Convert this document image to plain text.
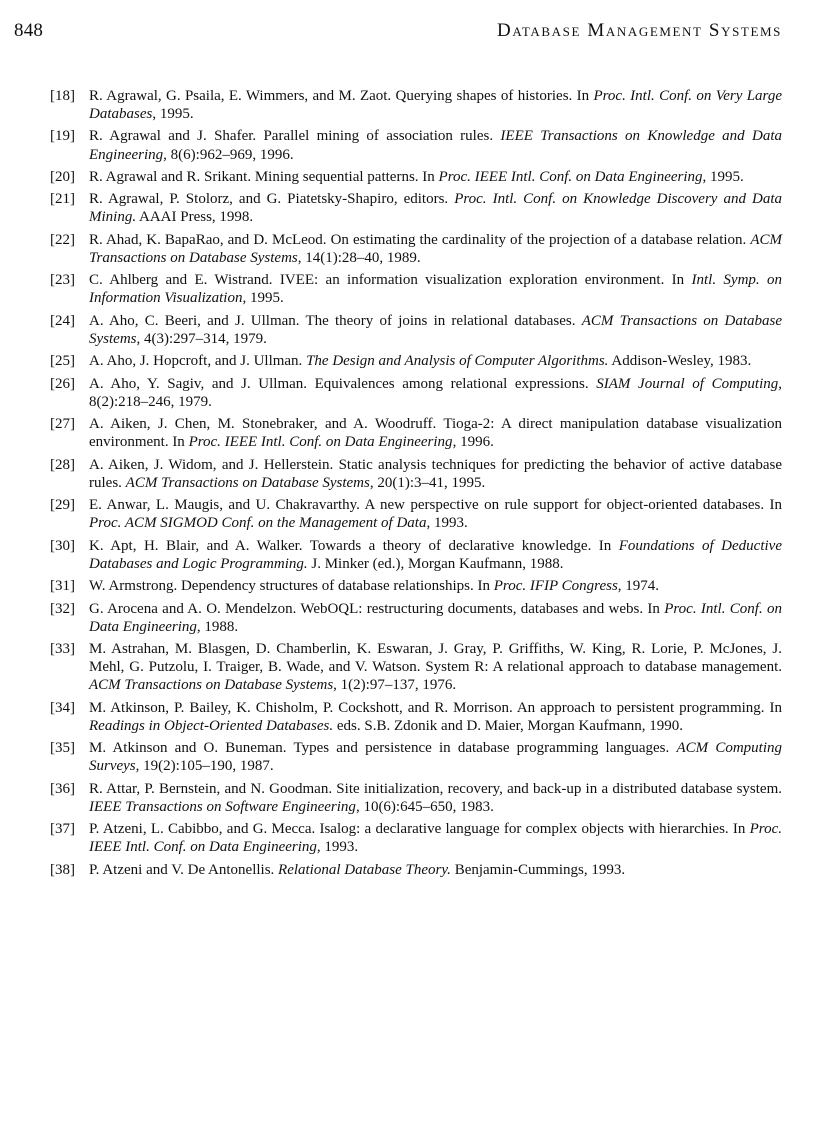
848	Database Management Systems
[18] R. Agrawal, G. Psaila, E. Wimmers, and M. Zaot. Querying shapes of histories. In Proc. Intl. Conf. on Very Large Databases, 1995.
[19] R. Agrawal and J. Shafer. Parallel mining of association rules. IEEE Transactions on Knowledge and Data Engineering, 8(6):962–969, 1996.
[20] R. Agrawal and R. Srikant. Mining sequential patterns. In Proc. IEEE Intl. Conf. on Data Engineering, 1995.
[21] R. Agrawal, P. Stolorz, and G. Piatetsky-Shapiro, editors. Proc. Intl. Conf. on Knowledge Discovery and Data Mining. AAAI Press, 1998.
[22] R. Ahad, K. BapaRao, and D. McLeod. On estimating the cardinality of the projection of a database relation. ACM Transactions on Database Systems, 14(1):28–40, 1989.
[23] C. Ahlberg and E. Wistrand. IVEE: an information visualization exploration environment. In Intl. Symp. on Information Visualization, 1995.
[24] A. Aho, C. Beeri, and J. Ullman. The theory of joins in relational databases. ACM Transactions on Database Systems, 4(3):297–314, 1979.
[25] A. Aho, J. Hopcroft, and J. Ullman. The Design and Analysis of Computer Algorithms. Addison-Wesley, 1983.
[26] A. Aho, Y. Sagiv, and J. Ullman. Equivalences among relational expressions. SIAM Journal of Computing, 8(2):218–246, 1979.
[27] A. Aiken, J. Chen, M. Stonebraker, and A. Woodruff. Tioga-2: A direct manipulation database visualization environment. In Proc. IEEE Intl. Conf. on Data Engineering, 1996.
[28] A. Aiken, J. Widom, and J. Hellerstein. Static analysis techniques for predicting the behavior of active database rules. ACM Transactions on Database Systems, 20(1):3–41, 1995.
[29] E. Anwar, L. Maugis, and U. Chakravarthy. A new perspective on rule support for object-oriented databases. In Proc. ACM SIGMOD Conf. on the Management of Data, 1993.
[30] K. Apt, H. Blair, and A. Walker. Towards a theory of declarative knowledge. In Foundations of Deductive Databases and Logic Programming. J. Minker (ed.), Morgan Kaufmann, 1988.
[31] W. Armstrong. Dependency structures of database relationships. In Proc. IFIP Congress, 1974.
[32] G. Arocena and A. O. Mendelzon. WebOQL: restructuring documents, databases and webs. In Proc. Intl. Conf. on Data Engineering, 1988.
[33] M. Astrahan, M. Blasgen, D. Chamberlin, K. Eswaran, J. Gray, P. Griffiths, W. King, R. Lorie, P. McJones, J. Mehl, G. Putzolu, I. Traiger, B. Wade, and V. Watson. System R: A relational approach to database management. ACM Transactions on Database Systems, 1(2):97–137, 1976.
[34] M. Atkinson, P. Bailey, K. Chisholm, P. Cockshott, and R. Morrison. An approach to persistent programming. In Readings in Object-Oriented Databases. eds. S.B. Zdonik and D. Maier, Morgan Kaufmann, 1990.
[35] M. Atkinson and O. Buneman. Types and persistence in database programming languages. ACM Computing Surveys, 19(2):105–190, 1987.
[36] R. Attar, P. Bernstein, and N. Goodman. Site initialization, recovery, and back-up in a distributed database system. IEEE Transactions on Software Engineering, 10(6):645–650, 1983.
[37] P. Atzeni, L. Cabibbo, and G. Mecca. Isalog: a declarative language for complex objects with hierarchies. In Proc. IEEE Intl. Conf. on Data Engineering, 1993.
[38] P. Atzeni and V. De Antonellis. Relational Database Theory. Benjamin-Cummings, 1993.
